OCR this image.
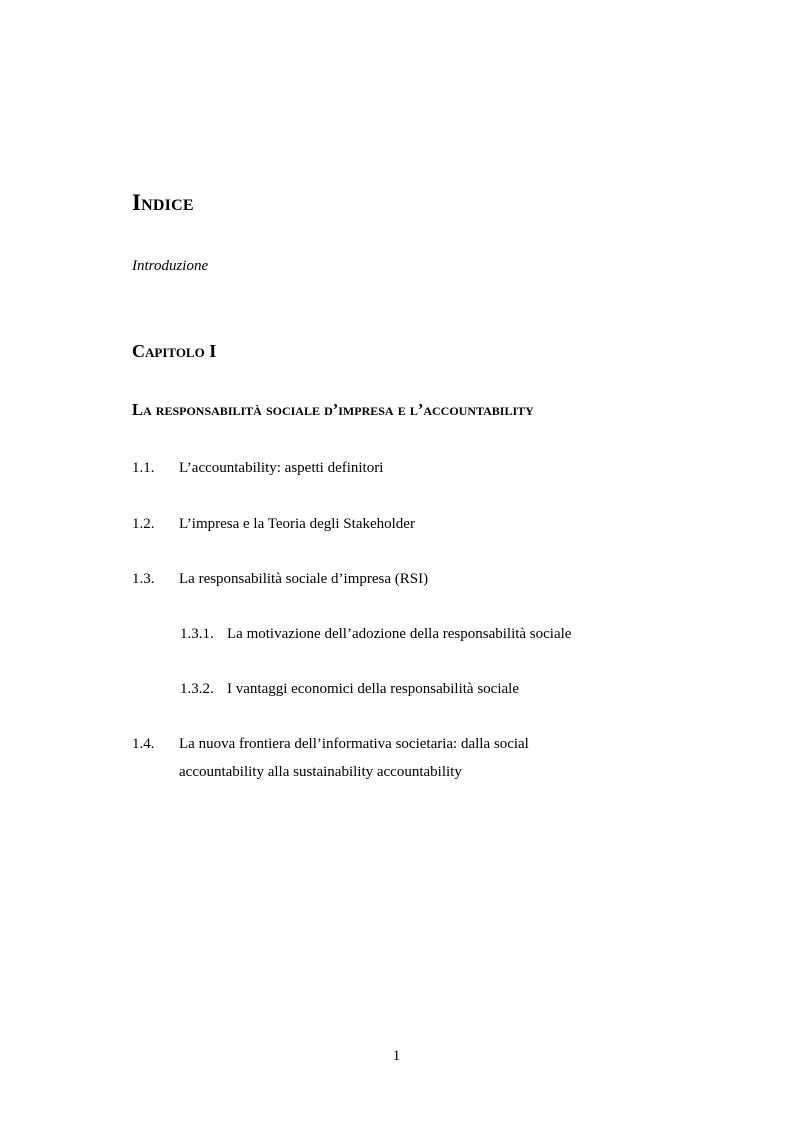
Indice
Introduzione
Capitolo I
La responsabilità sociale d’impresa e l’accountability
1.1. L’accountability: aspetti definitori
1.2. L’impresa e la Teoria degli Stakeholder
1.3. La responsabilità sociale d’impresa (RSI)
1.3.1. La motivazione dell’adozione della responsabilità sociale
1.3.2. I vantaggi economici della responsabilità sociale
1.4. La nuova frontiera dell’informativa societaria: dalla social
accountability alla sustainability accountability
1
